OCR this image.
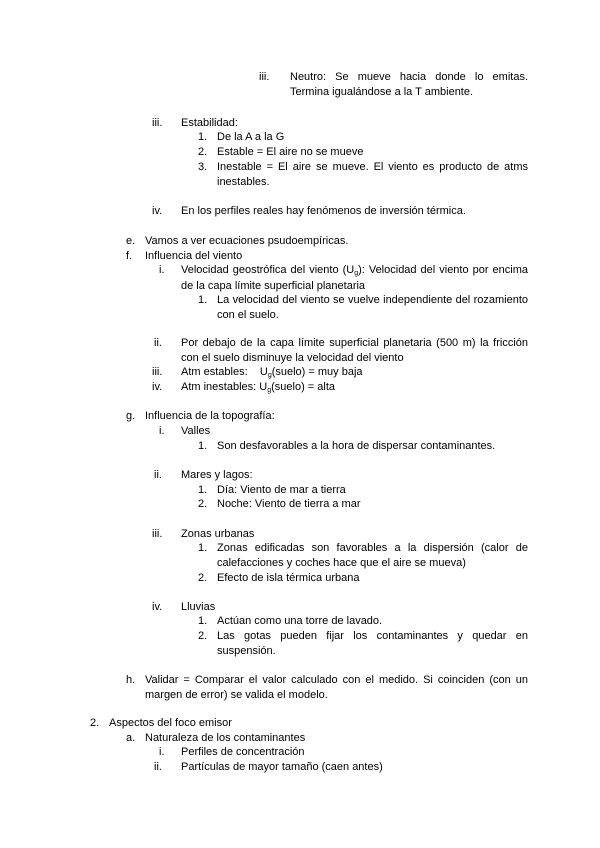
iii. Neutro: Se mueve hacia donde lo emitas. Termina igualándose a la T ambiente.
iii. Estabilidad:
1. De la A a la G
2. Estable = El aire no se mueve
3. Inestable = El aire se mueve. El viento es producto de atms inestables.
iv. En los perfiles reales hay fenómenos de inversión térmica.
e. Vamos a ver ecuaciones psudoempíricas.
f. Influencia del viento
i. Velocidad geostrófica del viento (Ug): Velocidad del viento por encima de la capa límite superficial planetaria
1. La velocidad del viento se vuelve independiente del rozamiento con el suelo.
ii. Por debajo de la capa límite superficial planetaria (500 m) la fricción con el suelo disminuye la velocidad del viento
iii. Atm estables:    Ug(suelo) = muy baja
iv. Atm inestables: Ug(suelo) = alta
g. Influencia de la topografía:
i. Valles
1. Son desfavorables a la hora de dispersar contaminantes.
ii. Mares y lagos:
1. Día: Viento de mar a tierra
2. Noche: Viento de tierra a mar
iii. Zonas urbanas
1. Zonas edificadas son favorables a la dispersión (calor de calefacciones y coches hace que el aire se mueva)
2. Efecto de isla térmica urbana
iv. Lluvias
1. Actúan como una torre de lavado.
2. Las gotas pueden fijar los contaminantes y quedar en suspensión.
h. Validar = Comparar el valor calculado con el medido. Si coinciden (con un margen de error) se valida el modelo.
2. Aspectos del foco emisor
a. Naturaleza de los contaminantes
i. Perfiles de concentración
ii. Partículas de mayor tamaño (caen antes)
